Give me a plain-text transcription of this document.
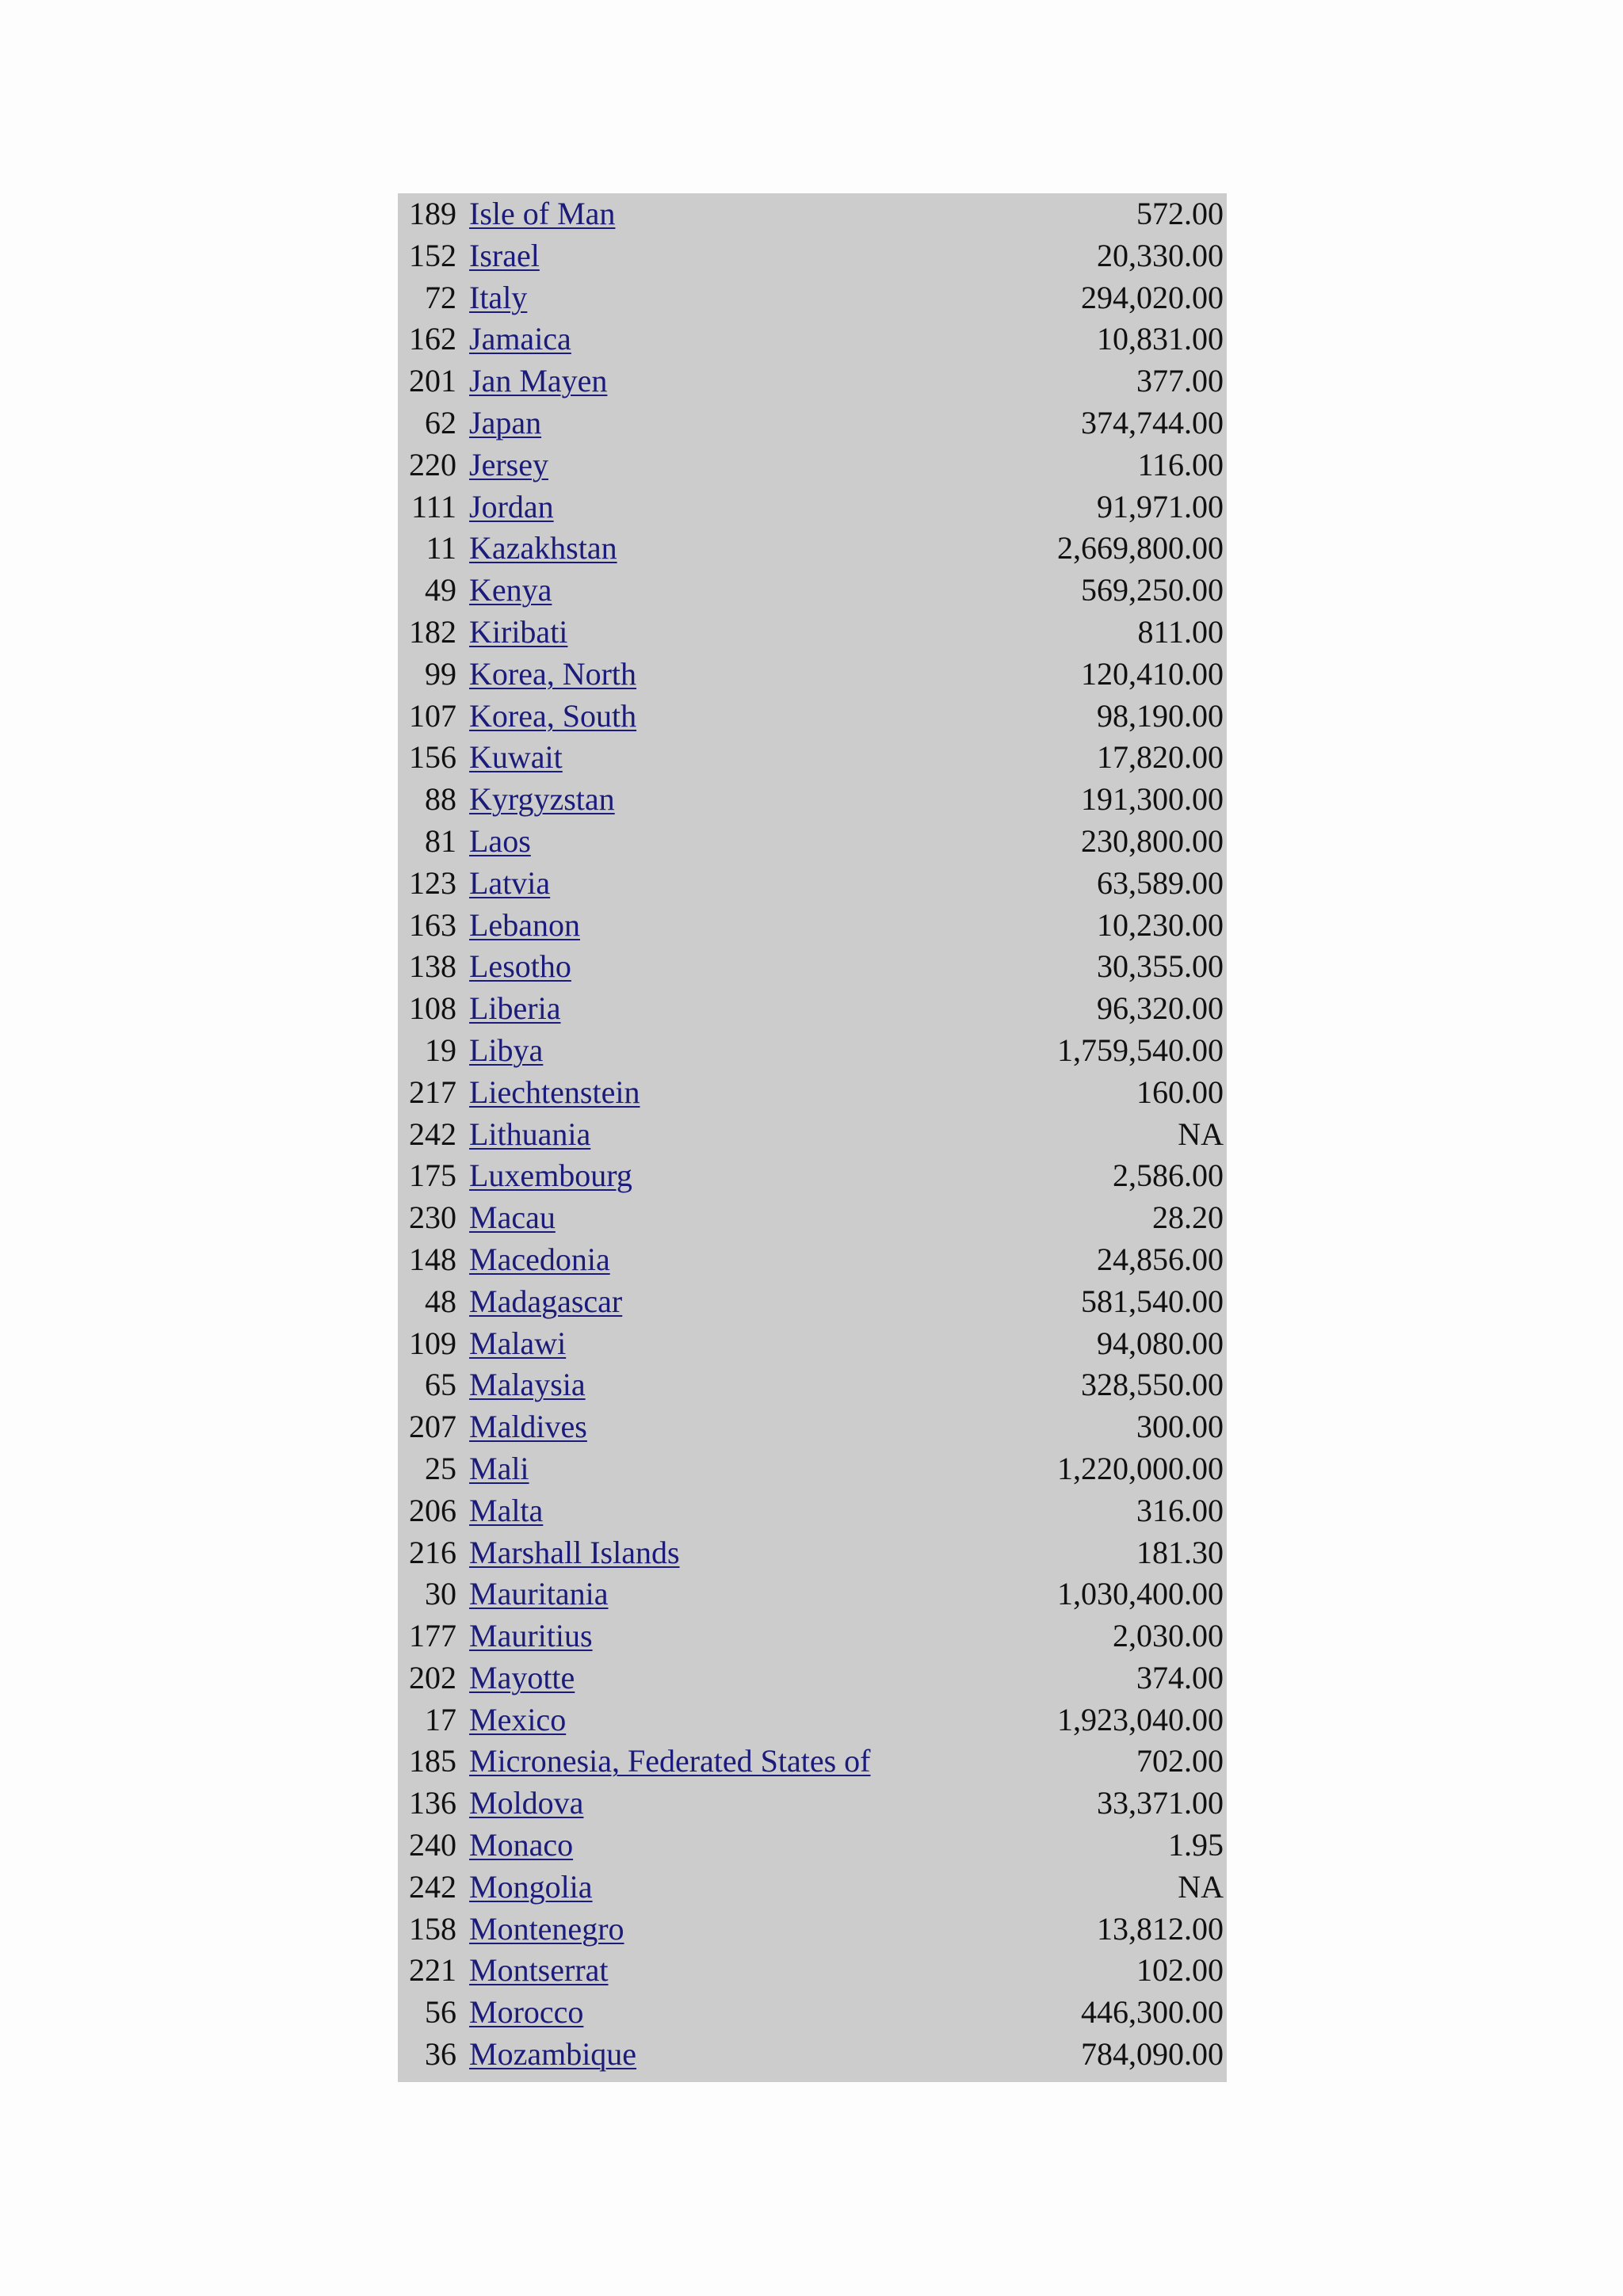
189	Isle of Man	572.00
152	Israel	20,330.00
72	Italy	294,020.00
162	Jamaica	10,831.00
201	Jan Mayen	377.00
62	Japan	374,744.00
220	Jersey	116.00
111	Jordan	91,971.00
11	Kazakhstan	2,669,800.00
49	Kenya	569,250.00
182	Kiribati	811.00
99	Korea, North	120,410.00
107	Korea, South	98,190.00
156	Kuwait	17,820.00
88	Kyrgyzstan	191,300.00
81	Laos	230,800.00
123	Latvia	63,589.00
163	Lebanon	10,230.00
138	Lesotho	30,355.00
108	Liberia	96,320.00
19	Libya	1,759,540.00
217	Liechtenstein	160.00
242	Lithuania	NA
175	Luxembourg	2,586.00
230	Macau	28.20
148	Macedonia	24,856.00
48	Madagascar	581,540.00
109	Malawi	94,080.00
65	Malaysia	328,550.00
207	Maldives	300.00
25	Mali	1,220,000.00
206	Malta	316.00
216	Marshall Islands	181.30
30	Mauritania	1,030,400.00
177	Mauritius	2,030.00
202	Mayotte	374.00
17	Mexico	1,923,040.00
185	Micronesia, Federated States of	702.00
136	Moldova	33,371.00
240	Monaco	1.95
242	Mongolia	NA
158	Montenegro	13,812.00
221	Montserrat	102.00
56	Morocco	446,300.00
36	Mozambique	784,090.00
